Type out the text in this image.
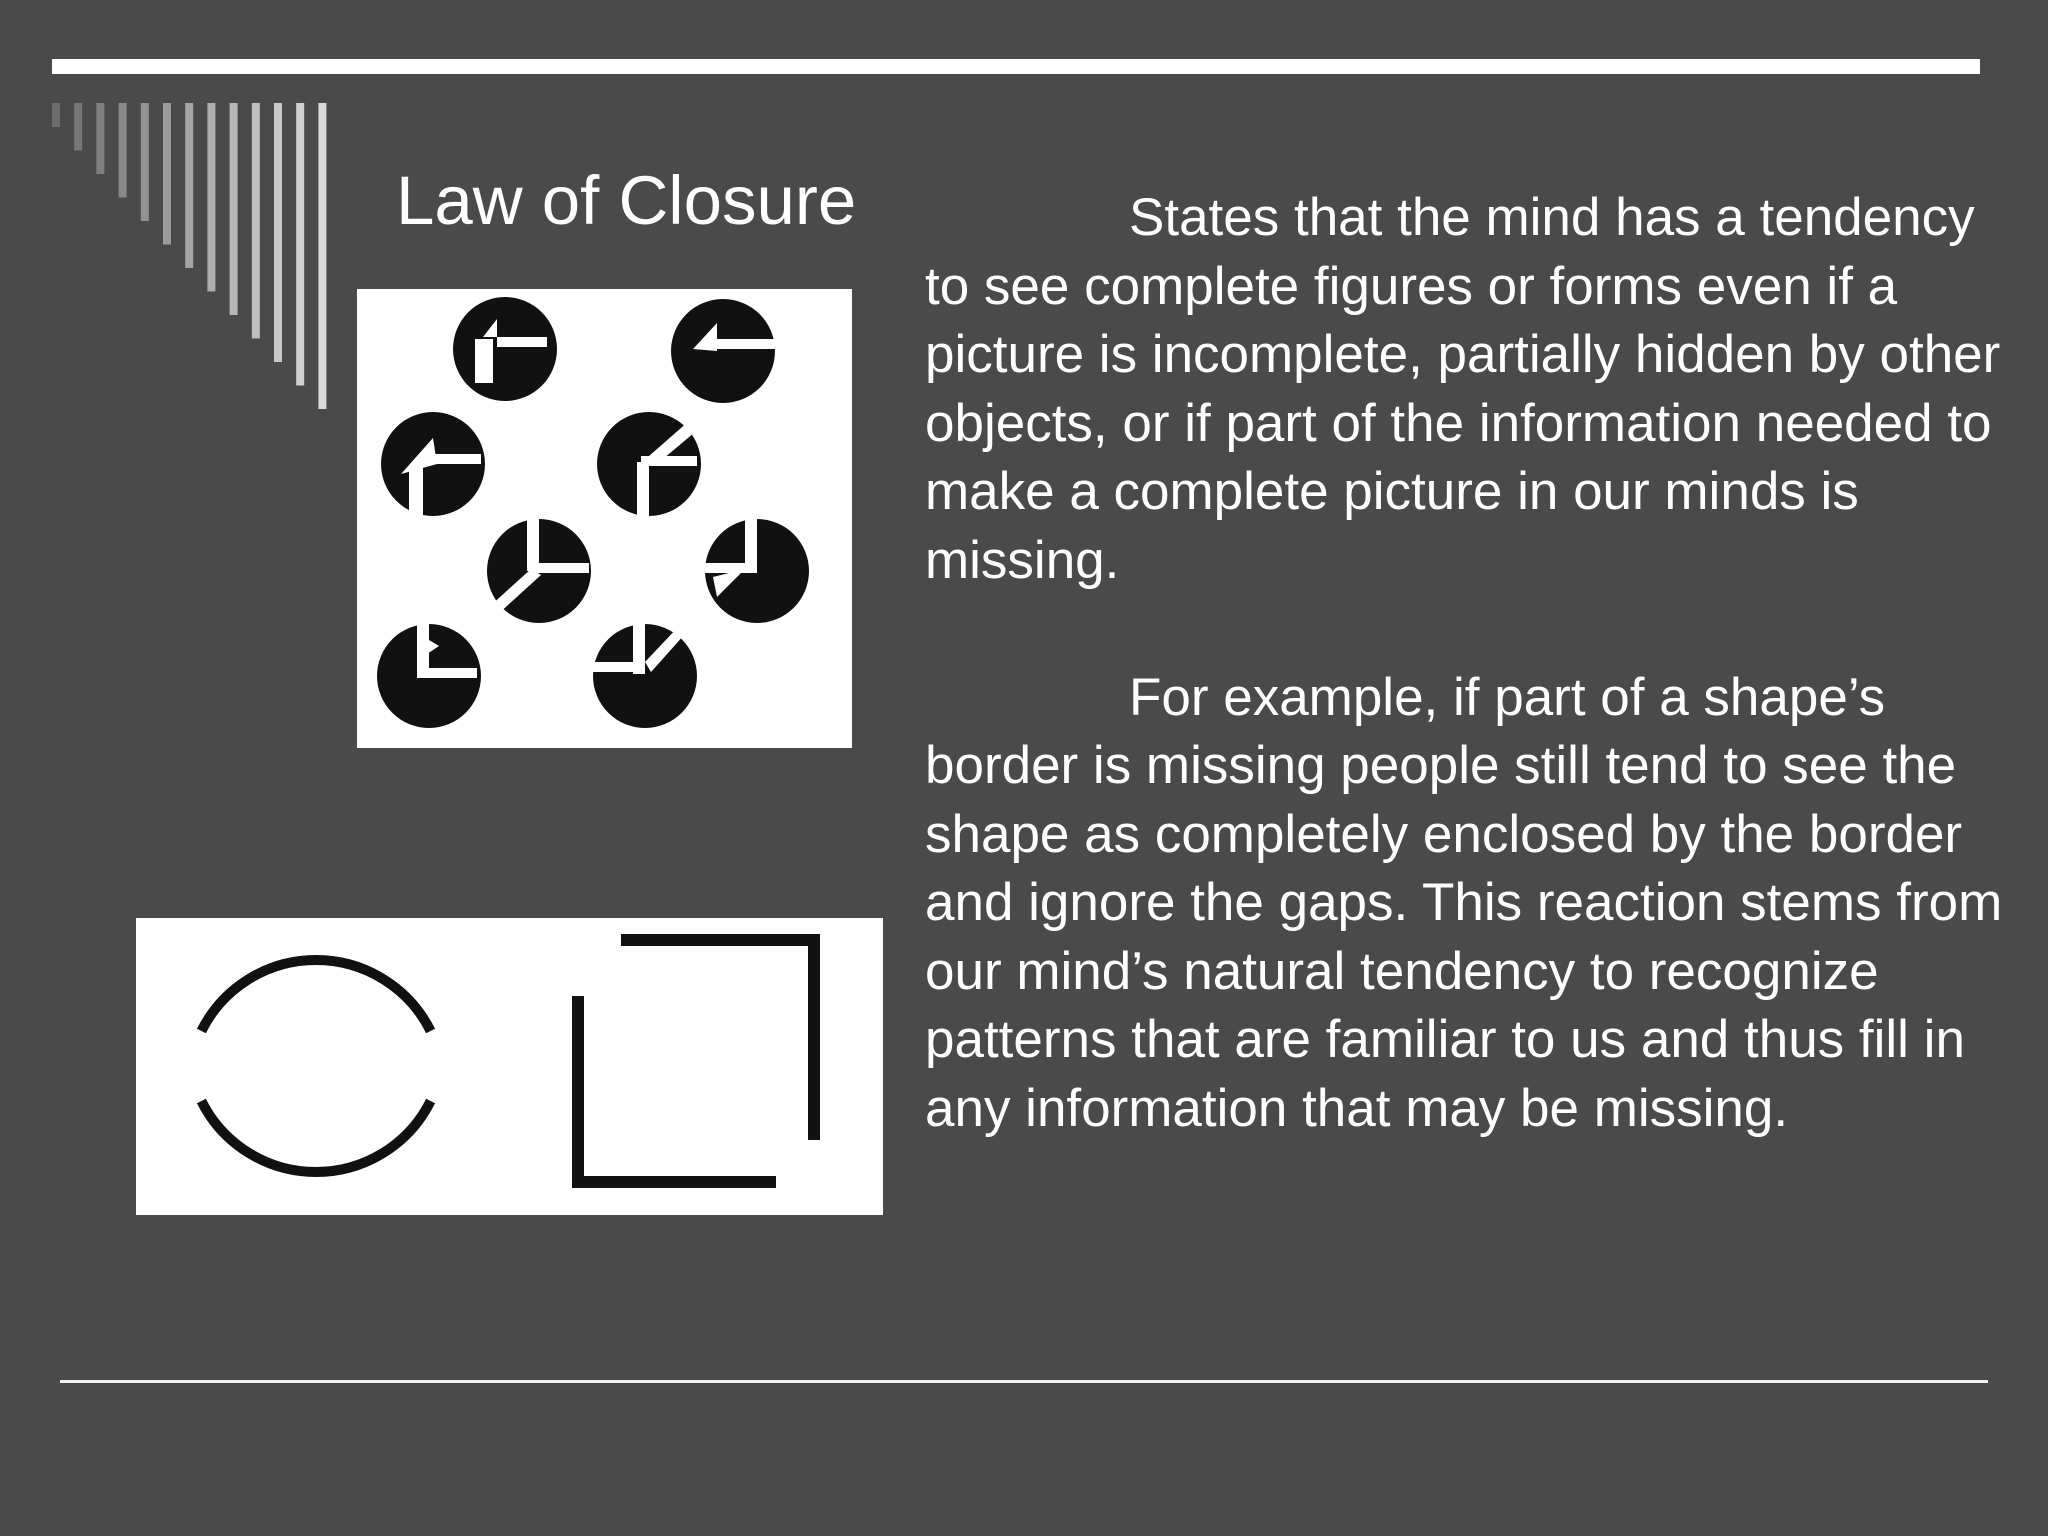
Law of Closure	States that the mind has a tendency to see complete figures or forms even if a picture is incomplete, partially hidden by other objects, or if part of the information needed to make a complete picture in our minds is missing.

For example, if part of a shape’s border is missing people still tend to see the shape as completely enclosed by the border and ignore the gaps. This reaction stems from our mind’s natural tendency to recognize patterns that are familiar to us and thus fill in any information that may be missing.
